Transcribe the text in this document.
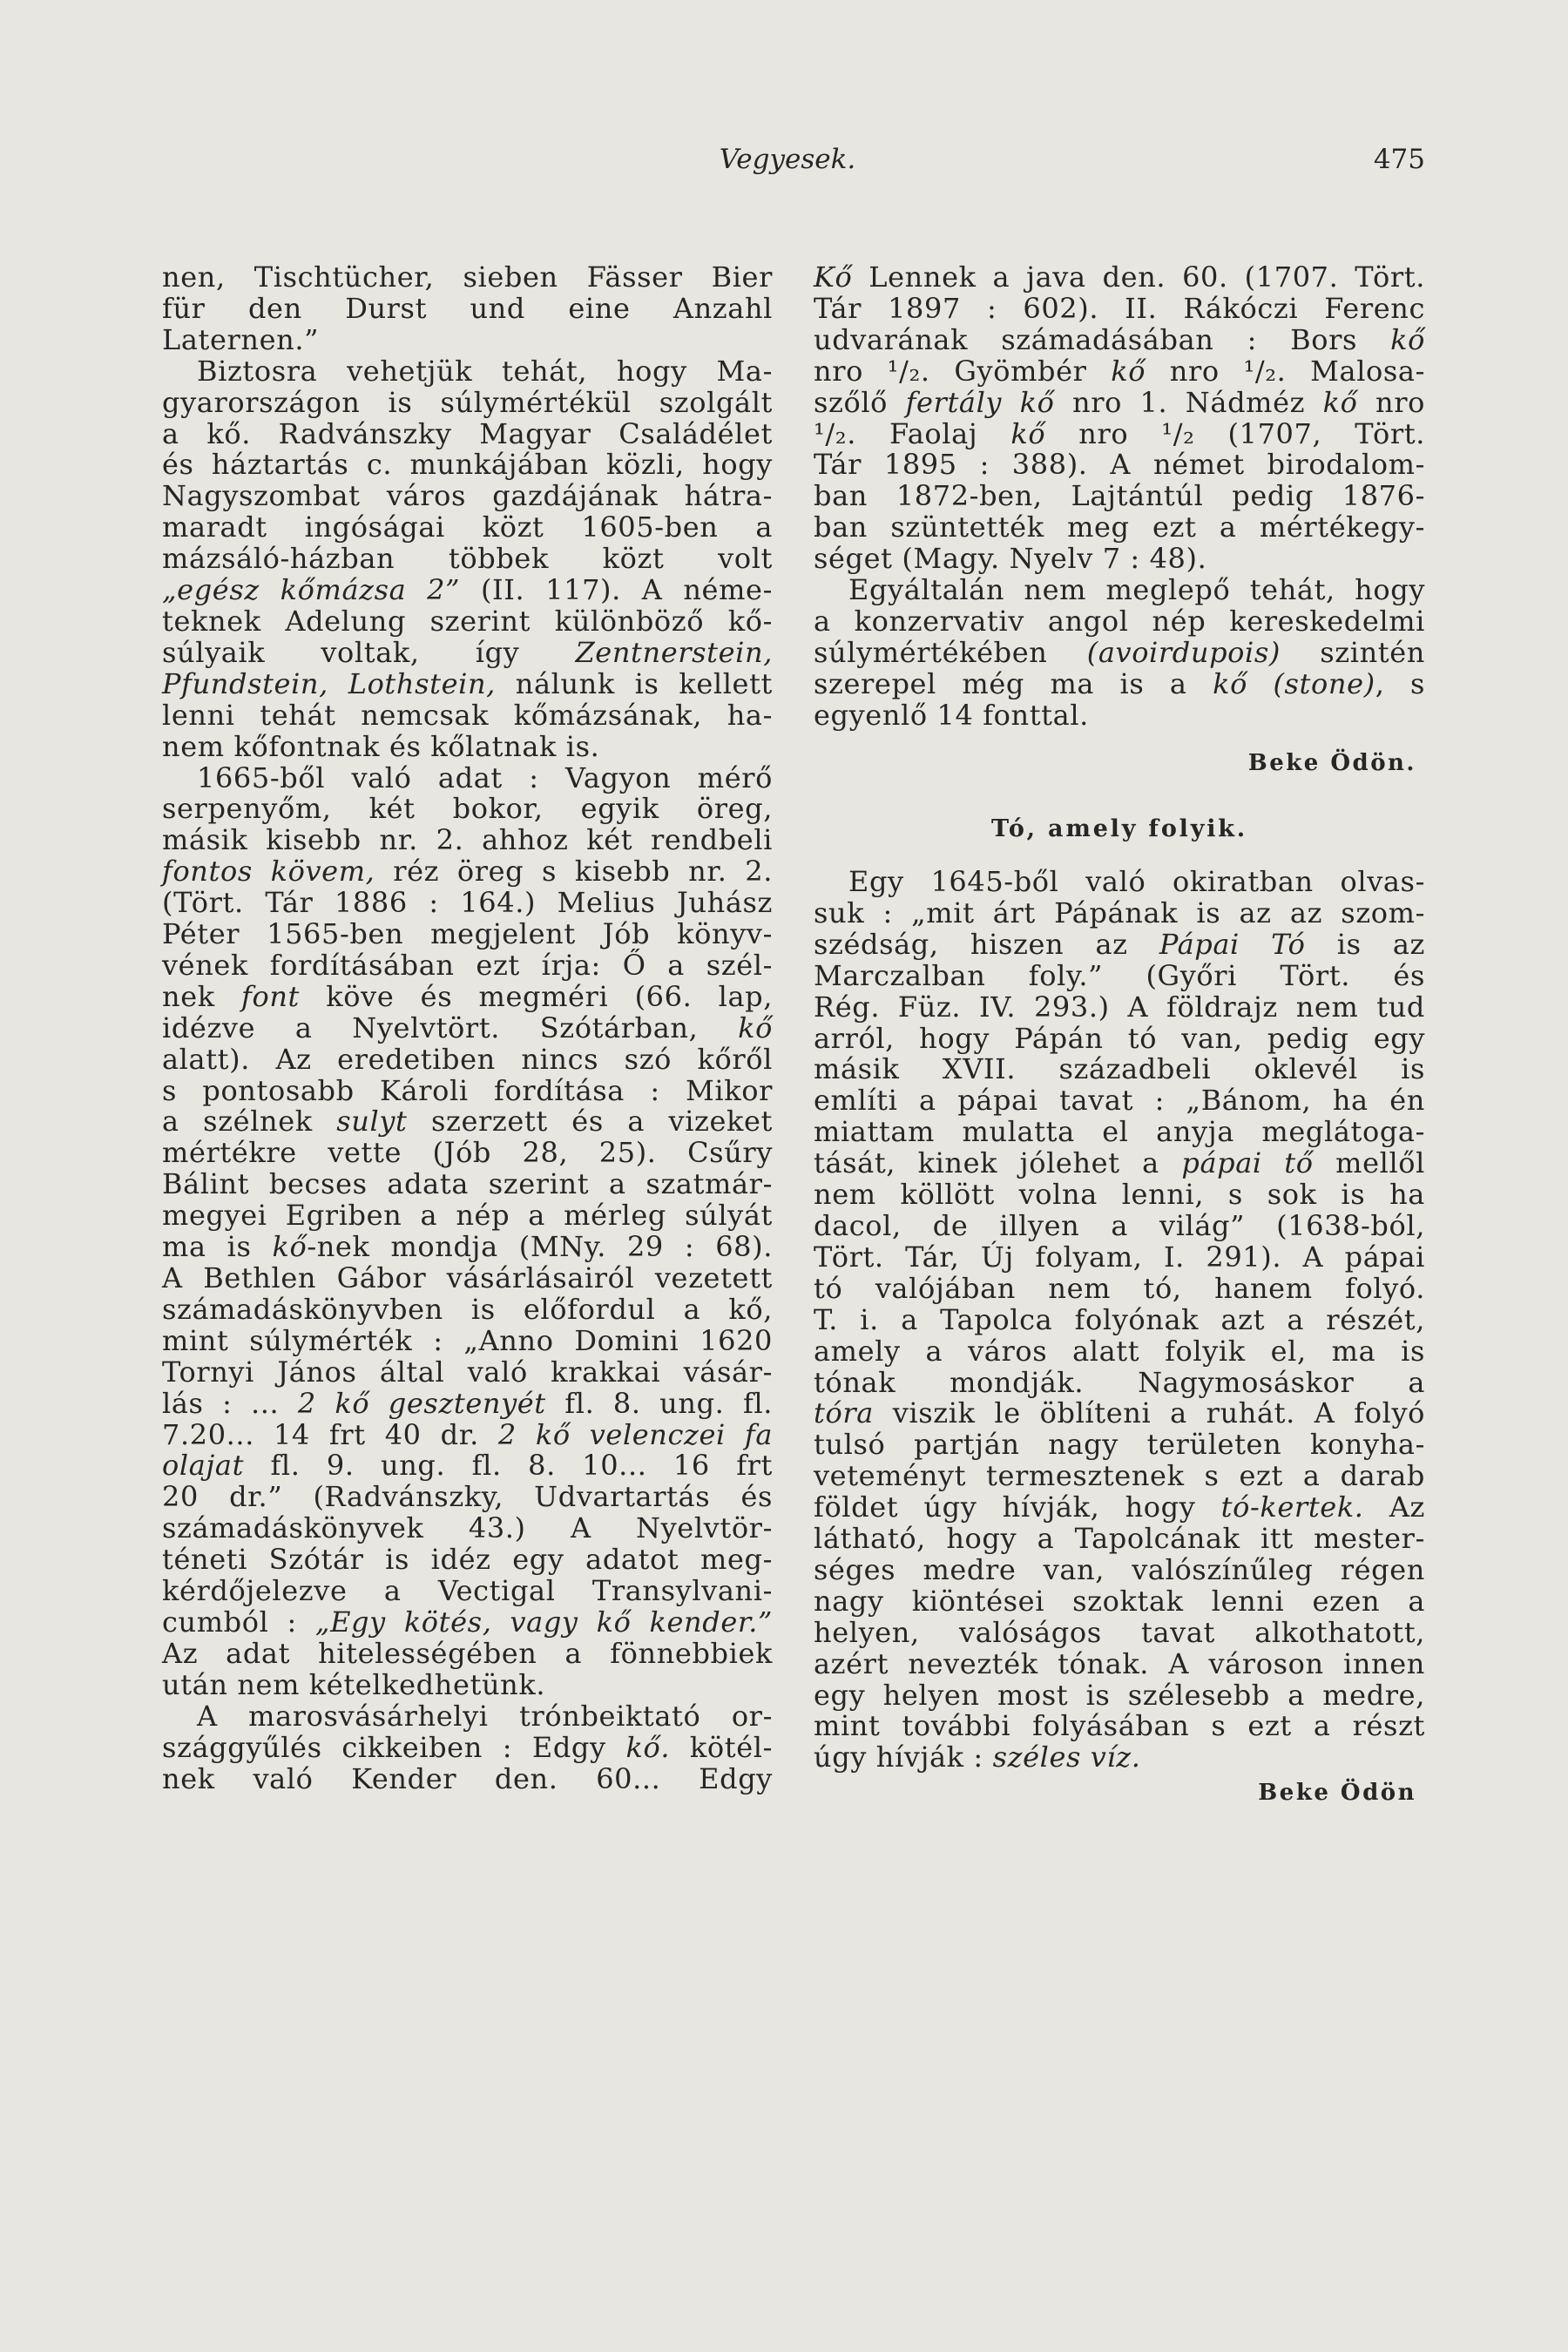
Vegyesek.	475
nen, Tischtücher, sieben Fässer Bier
für den Durst und eine Anzahl
Laternen.”
Biztosra vehetjük tehát, hogy Ma-
gyarországon is súlymértékül szolgált
a kő. Radvánszky Magyar Családélet
és háztartás c. munkájában közli, hogy
Nagyszombat város gazdájának hátra-
maradt ingóságai közt 1605-ben a
mázsáló-házban többek közt volt
„egész kőmázsa 2” (II. 117). A néme-
teknek Adelung szerint különböző kő-
súlyaik voltak, így Zentnerstein,
Pfundstein, Lothstein, nálunk is kellett
lenni tehát nemcsak kőmázsának, ha-
nem kőfontnak és kőlatnak is.
1665-ből való adat : Vagyon mérő
serpenyőm, két bokor, egyik öreg,
másik kisebb nr. 2. ahhoz két rendbeli
fontos kövem, réz öreg s kisebb nr. 2.
(Tört. Tár 1886 : 164.) Melius Juhász
Péter 1565-ben megjelent Jób könyv-
vének fordításában ezt írja: Ő a szél-
nek font köve és megméri (66. lap,
idézve a Nyelvtört. Szótárban, kő
alatt). Az eredetiben nincs szó kőről
s pontosabb Károli fordítása : Mikor
a szélnek sulyt szerzett és a vizeket
mértékre vette (Jób 28, 25). Csűry
Bálint becses adata szerint a szatmár-
megyei Egriben a nép a mérleg súlyát
ma is kő-nek mondja (MNy. 29 : 68).
A Bethlen Gábor vásárlásairól vezetett
számadáskönyvben is előfordul a kő,
mint súlymérték : „Anno Domini 1620
Tornyi János által való krakkai vásár-
lás : ... 2 kő gesztenyét fl. 8. ung. fl.
7.20... 14 frt 40 dr. 2 kő velenczei fa
olajat fl. 9. ung. fl. 8. 10... 16 frt
20 dr.” (Radvánszky, Udvartartás és
számadáskönyvek 43.) A Nyelvtör-
téneti Szótár is idéz egy adatot meg-
kérdőjelezve a Vectigal Transylvani-
cumból : „Egy kötés, vagy kő kender.”
Az adat hitelességében a fönnebbiek
után nem kételkedhetünk.
A marosvásárhelyi trónbeiktató or-
szággyűlés cikkeiben : Edgy kő. kötél-
nek való Kender den. 60... Edgy
Kő Lennek a java den. 60. (1707. Tört.
Tár 1897 : 602). II. Rákóczi Ferenc
udvarának számadásában : Bors kő
nro ¹/₂. Gyömbér kő nro ¹/₂. Malosa-
szőlő fertály kő nro 1. Nádméz kő nro
¹/₂. Faolaj kő nro ¹/₂ (1707, Tört.
Tár 1895 : 388). A német birodalom-
ban 1872-ben, Lajtántúl pedig 1876-
ban szüntették meg ezt a mértékegy-
séget (Magy. Nyelv 7 : 48).
Egyáltalán nem meglepő tehát, hogy
a konzervativ angol nép kereskedelmi
súlymértékében (avoirdupois) szintén
szerepel még ma is a kő (stone), s
egyenlő 14 fonttal.
Beke Ödön.
Tó, amely folyik.
Egy 1645-ből való okiratban olvas-
suk : „mit árt Pápának is az az szom-
szédság, hiszen az Pápai Tó is az
Marczalban foly.” (Győri Tört. és
Rég. Füz. IV. 293.) A földrajz nem tud
arról, hogy Pápán tó van, pedig egy
másik XVII. századbeli oklevél is
említi a pápai tavat : „Bánom, ha én
miattam mulatta el anyja meglátoga-
tását, kinek jólehet a pápai tő mellől
nem köllött volna lenni, s sok is ha
dacol, de illyen a világ” (1638-ból,
Tört. Tár, Új folyam, I. 291). A pápai
tó valójában nem tó, hanem folyó.
T. i. a Tapolca folyónak azt a részét,
amely a város alatt folyik el, ma is
tónak mondják. Nagymosáskor a
tóra viszik le öblíteni a ruhát. A folyó
tulsó partján nagy területen konyha-
veteményt termesztenek s ezt a darab
földet úgy hívják, hogy tó-kertek. Az
látható, hogy a Tapolcának itt mester-
séges medre van, valószínűleg régen
nagy kiöntései szoktak lenni ezen a
helyen, valóságos tavat alkothatott,
azért nevezték tónak. A városon innen
egy helyen most is szélesebb a medre,
mint további folyásában s ezt a részt
úgy hívják : széles víz.
Beke Ödön
